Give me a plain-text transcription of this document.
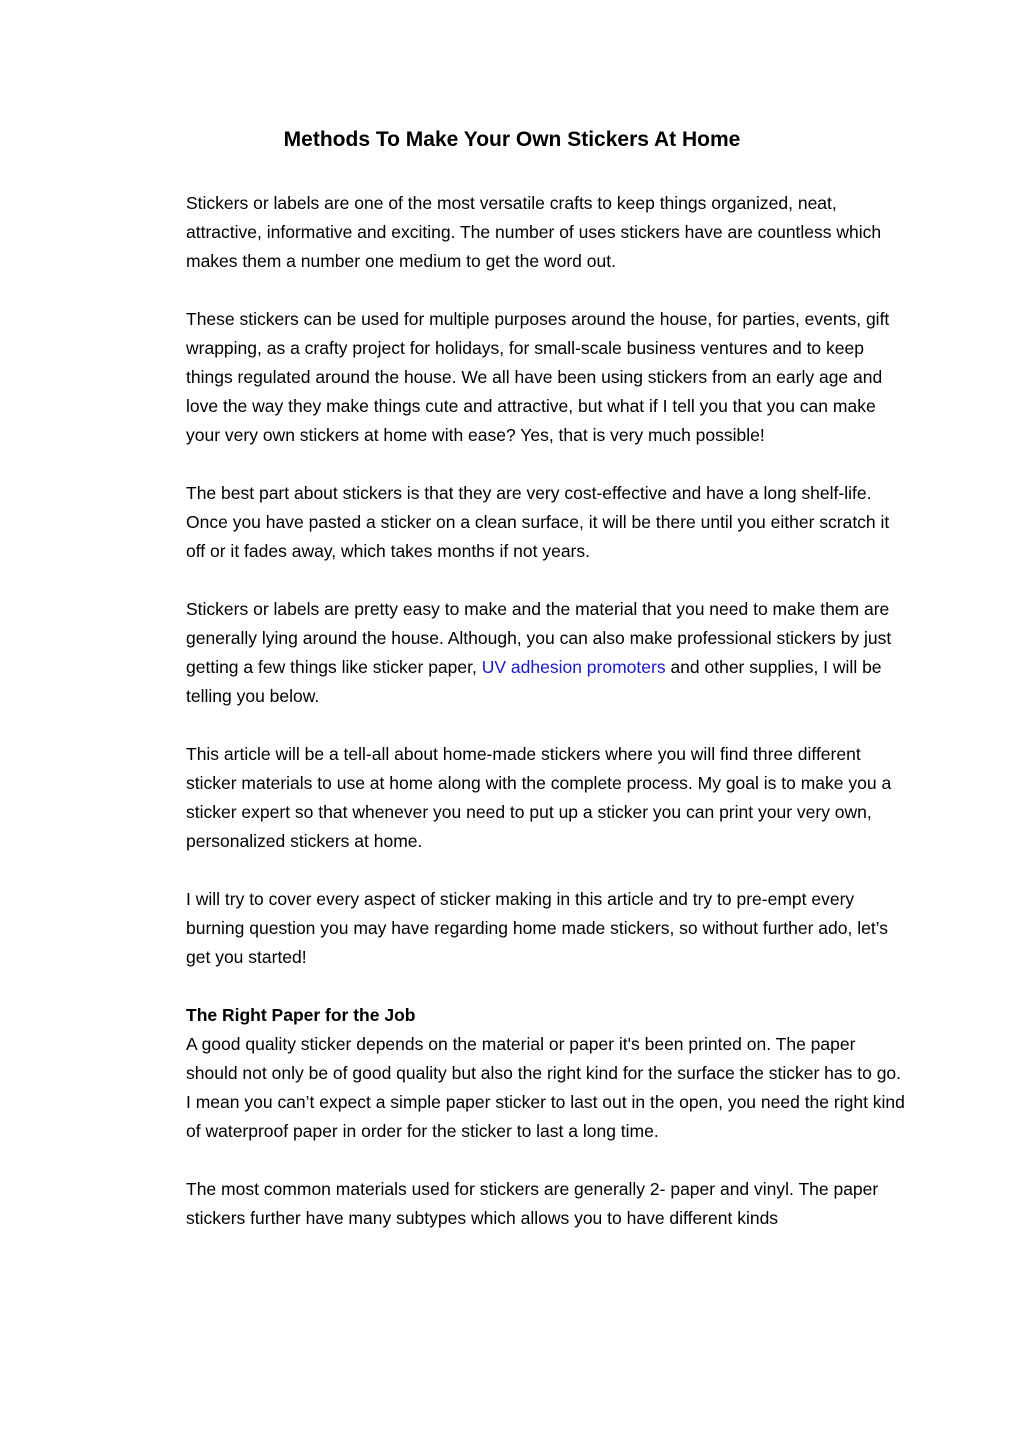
Methods To Make Your Own Stickers At Home

Stickers or labels are one of the most versatile crafts to keep things organized, neat, attractive, informative and exciting. The number of uses stickers have are countless which makes them a number one medium to get the word out.

These stickers can be used for multiple purposes around the house, for parties, events, gift wrapping, as a crafty project for holidays, for small-scale business ventures and to keep things regulated around the house. We all have been using stickers from an early age and love the way they make things cute and attractive, but what if I tell you that you can make your very own stickers at home with ease? Yes, that is very much possible!

The best part about stickers is that they are very cost-effective and have a long shelf-life. Once you have pasted a sticker on a clean surface, it will be there until you either scratch it off or it fades away, which takes months if not years.

Stickers or labels are pretty easy to make and the material that you need to make them are generally lying around the house. Although, you can also make professional stickers by just getting a few things like sticker paper, UV adhesion promoters and other supplies, I will be telling you below.

This article will be a tell-all about home-made stickers where you will find three different sticker materials to use at home along with the complete process. My goal is to make you a sticker expert so that whenever you need to put up a sticker you can print your very own, personalized stickers at home.

I will try to cover every aspect of sticker making in this article and try to pre-empt every burning question you may have regarding home made stickers, so without further ado, let’s get you started!

The Right Paper for the Job
A good quality sticker depends on the material or paper it's been printed on. The paper should not only be of good quality but also the right kind for the surface the sticker has to go. I mean you can’t expect a simple paper sticker to last out in the open, you need the right kind of waterproof paper in order for the sticker to last a long time.

The most common materials used for stickers are generally 2- paper and vinyl. The paper stickers further have many subtypes which allows you to have different kinds
